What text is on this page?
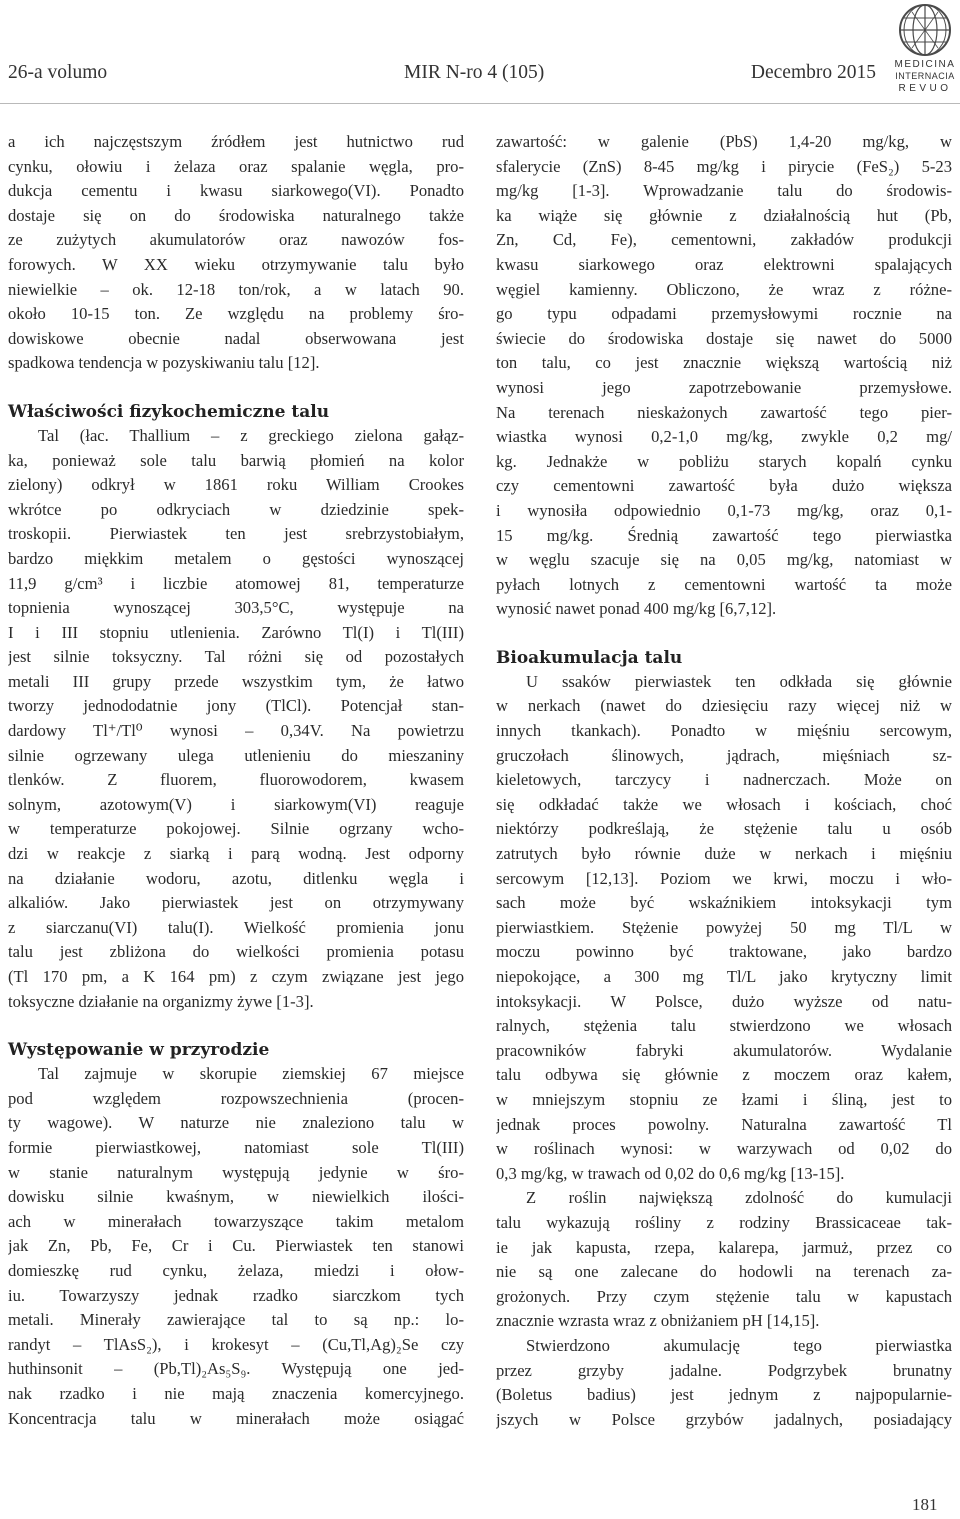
26-a volumo	MIR N-ro 4 (105)	Decembro 2015 MEDICINA
INTERNACIA
REVUO
a ich najczęstszym źródłem jest hutnictwo rud
cynku, ołowiu i żelaza oraz spalanie węgla, pro-
dukcja cementu i kwasu siarkowego(VI). Ponadto
dostaje się on do środowiska naturalnego także
ze zużytych akumulatorów oraz nawozów fos-
forowych. W XX wieku otrzymywanie talu było
niewielkie – ok. 12-18 ton/rok, a w latach 90.
około 10-15 ton. Ze względu na problemy śro-
dowiskowe obecnie nadal obserwowana jest
spadkowa tendencja w pozyskiwaniu talu [12].
Właściwości fizykochemiczne talu
Tal (łac. Thallium – z greckiego zielona gałąz-
ka, ponieważ sole talu barwią płomień na kolor
zielony) odkrył w 1861 roku William Crookes
wkrótce po odkryciach w dziedzinie spek-
troskopii. Pierwiastek ten jest srebrzystobiałym,
bardzo miękkim metalem o gęstości wynoszącej
11,9 g/cm³ i liczbie atomowej 81, temperaturze
topnienia wynoszącej 303,5°C, występuje na
I i III stopniu utlenienia. Zarówno Tl(I) i Tl(III)
jest silnie toksyczny. Tal różni się od pozostałych
metali III grupy przede wszystkim tym, że łatwo
tworzy jednododatnie jony (TlCl). Potencjał stan-
dardowy Tl⁺/Tl⁰ wynosi – 0,34V. Na powietrzu
silnie ogrzewany ulega utlenieniu do mieszaniny
tlenków. Z fluorem, fluorowodorem, kwasem
solnym, azotowym(V) i siarkowym(VI) reaguje
w temperaturze pokojowej. Silnie ogrzany wcho-
dzi w reakcje z siarką i parą wodną. Jest odporny
na działanie wodoru, azotu, ditlenku węgla i
alkaliów. Jako pierwiastek jest on otrzymywany
z siarczanu(VI) talu(I). Wielkość promienia jonu
talu jest zbliżona do wielkości promienia potasu
(Tl 170 pm, a K 164 pm) z czym związane jest jego
toksyczne działanie na organizmy żywe [1-3].
Występowanie w przyrodzie
Tal zajmuje w skorupie ziemskiej 67 miejsce
pod względem rozpowszechnienia (procen-
ty wagowe). W naturze nie znaleziono talu w
formie pierwiastkowej, natomiast sole Tl(III)
w stanie naturalnym występują jedynie w śro-
dowisku silnie kwaśnym, w niewielkich ilości-
ach w minerałach towarzyszące takim metalom
jak Zn, Pb, Fe, Cr i Cu. Pierwiastek ten stanowi
domieszkę rud cynku, żelaza, miedzi i ołow-
iu. Towarzyszy jednak rzadko siarczkom tych
metali. Minerały zawierające tal to są np.: lo-
randyt – TlAsS₂), i krokesyt – (Cu,Tl,Ag)₂Se czy
huthinsonit – (Pb,Tl)₂As₅S₉. Występują one jed-
nak rzadko i nie mają znaczenia komercyjnego.
Koncentracja talu w minerałach może osiągać
zawartość: w galenie (PbS) 1,4-20 mg/kg, w
sfalerycie (ZnS) 8-45 mg/kg i pirycie (FeS₂) 5-23
mg/kg [1-3]. Wprowadzanie talu do środowis-
ka wiąże się głównie z działalnością hut (Pb,
Zn, Cd, Fe), cementowni, zakładów produkcji
kwasu siarkowego oraz elektrowni spalających
węgiel kamienny. Obliczono, że wraz z różne-
go typu odpadami przemysłowymi rocznie na
świecie do środowiska dostaje się nawet do 5000
ton talu, co jest znacznie większą wartością niż
wynosi jego zapotrzebowanie przemysłowe.
Na terenach nieskażonych zawartość tego pier-
wiastka wynosi 0,2-1,0 mg/kg, zwykle 0,2 mg/
kg. Jednakże w pobliżu starych kopalń cynku
czy cementowni zawartość była dużo większa
i wynosiła odpowiednio 0,1-73 mg/kg, oraz 0,1-
15 mg/kg. Średnią zawartość tego pierwiastka
w węglu szacuje się na 0,05 mg/kg, natomiast w
pyłach lotnych z cementowni wartość ta może
wynosić nawet ponad 400 mg/kg [6,7,12].
Bioakumulacja talu
U ssaków pierwiastek ten odkłada się głównie
w nerkach (nawet do dziesięciu razy więcej niż w
innych tkankach). Ponadto w mięśniu sercowym,
gruczołach ślinowych, jądrach, mięśniach sz-
kieletowych, tarczycy i nadnerczach. Może on
się odkładać także we włosach i kościach, choć
niektórzy podkreślają, że stężenie talu u osób
zatrutych było równie duże w nerkach i mięśniu
sercowym [12,13]. Poziom we krwi, moczu i wło-
sach może być wskaźnikiem intoksykacji tym
pierwiastkiem. Stężenie powyżej 50 mg Tl/L w
moczu powinno być traktowane, jako bardzo
niepokojące, a 300 mg Tl/L jako krytyczny limit
intoksykacji. W Polsce, dużo wyższe od natu-
ralnych, stężenia talu stwierdzono we włosach
pracowników fabryki akumulatorów. Wydalanie
talu odbywa się głównie z moczem oraz kałem,
w mniejszym stopniu ze łzami i śliną, jest to
jednak proces powolny. Naturalna zawartość Tl
w roślinach wynosi: w warzywach od 0,02 do
0,3 mg/kg, w trawach od 0,02 do 0,6 mg/kg [13-15].
Z roślin największą zdolność do kumulacji
talu wykazują rośliny z rodziny Brassicaceae tak-
ie jak kapusta, rzepa, kalarepa, jarmuż, przez co
nie są one zalecane do hodowli na terenach za-
grożonych. Przy czym stężenie talu w kapustach
znacznie wzrasta wraz z obniżaniem pH [14,15].
Stwierdzono akumulację tego pierwiastka
przez grzyby jadalne. Podgrzybek brunatny
(Boletus badius) jest jednym z najpopularnie-
jszych w Polsce grzybów jadalnych, posiadający
181
